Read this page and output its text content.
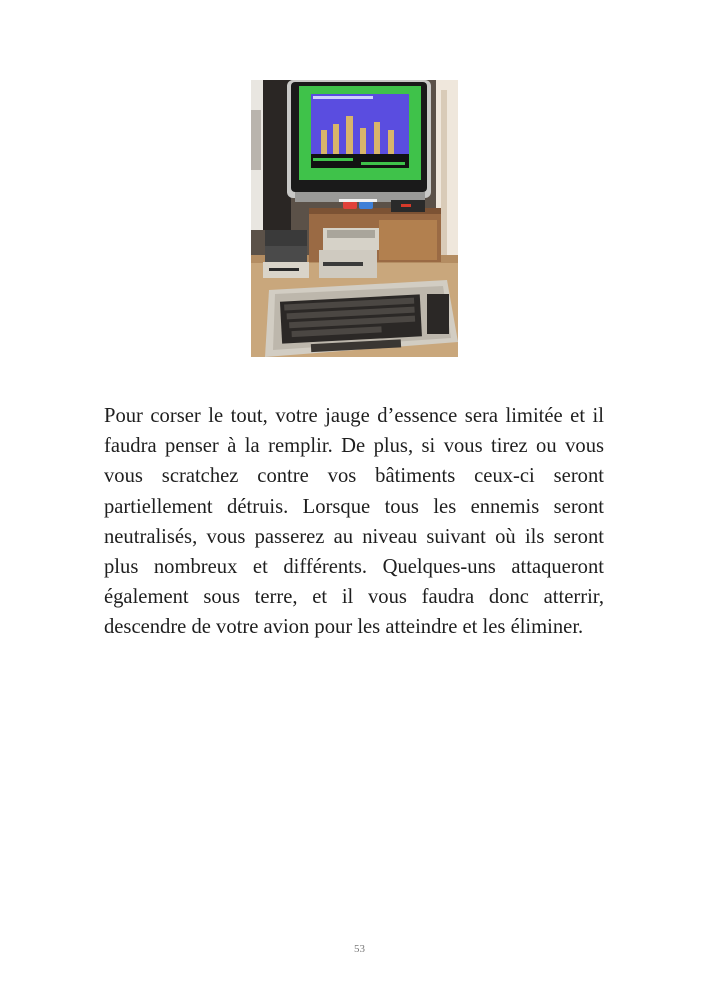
Pour corser le tout, votre jauge d’essence sera limitée et il faudra penser à la remplir. De plus, si vous tirez ou vous vous scratchez contre vos bâtiments ceux-ci seront partiellement détruis. Lorsque tous les ennemis seront neutralisés, vous passerez au niveau suivant où ils seront plus nombreux et différents. Quelques-uns attaqueront également sous terre, et il vous faudra donc atterrir, descendre de votre avion pour les atteindre et les éliminer.

53
